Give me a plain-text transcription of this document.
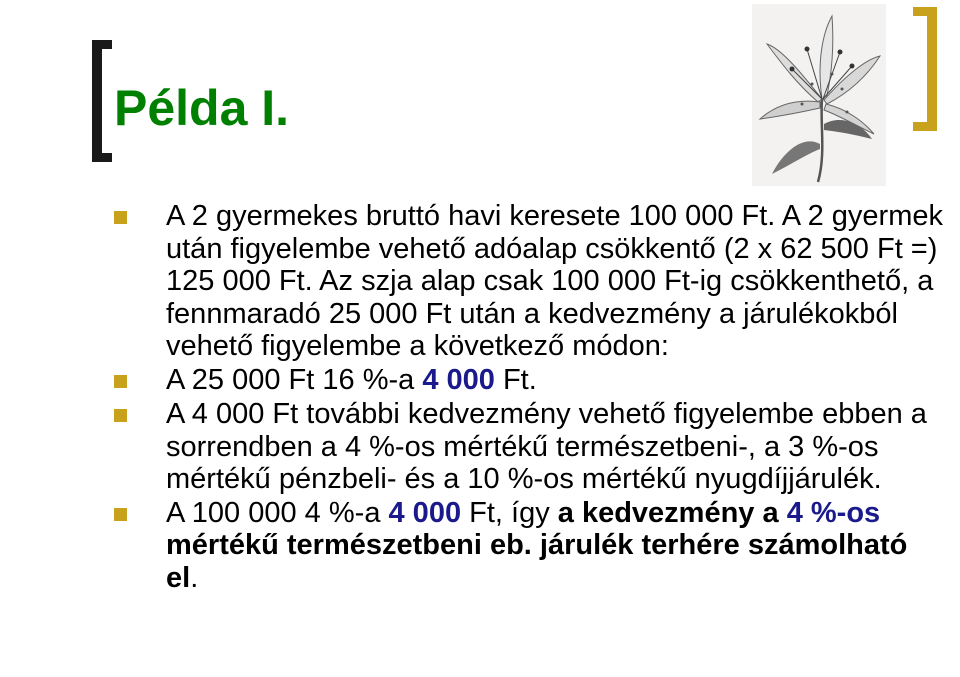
Példa I.
A 2 gyermekes bruttó havi keresete 100 000 Ft. A 2 gyermek után figyelembe vehető adóalap csökkentő (2 x 62 500 Ft =) 125 000 Ft. Az szja alap csak 100 000 Ft-ig csökkenthető, a fennmaradó 25 000 Ft után a kedvezmény a járulékokból vehető figyelembe a következő módon:
A 25 000 Ft 16 %-a 4 000 Ft.
A 4 000 Ft további kedvezmény vehető figyelembe ebben a sorrendben a 4 %-os mértékű természetbeni-, a 3 %-os mértékű pénzbeli- és a 10 %-os mértékű nyugdíjjárulék.
A 100 000 4 %-a 4 000 Ft, így a kedvezmény a 4 %-os mértékű természetbeni eb. járulék terhére számolható el.
